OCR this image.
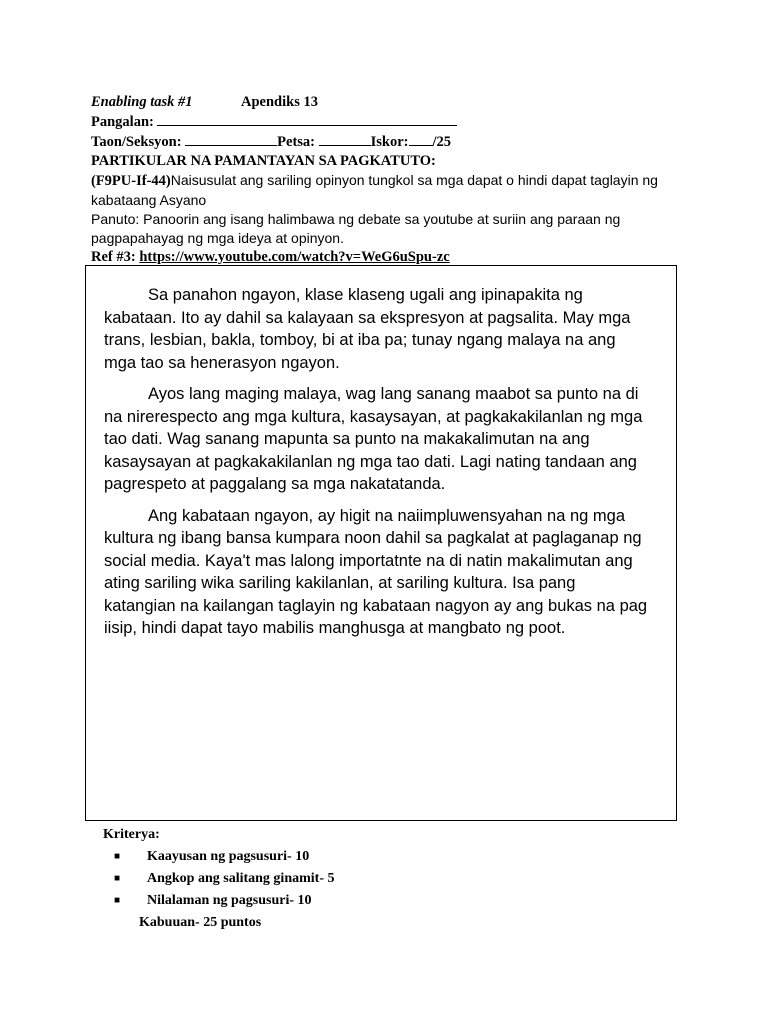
Enabling task #1	Apendiks 13
Pangalan:
Taon/Seksyon:	Petsa:	Iskor: /25
PARTIKULAR NA PAMANTAYAN SA PAGKATUTO:
(F9PU-If-44)Naisusulat ang sariling opinyon tungkol sa mga dapat o hindi dapat taglayin ng
kabataang Asyano
Panuto: Panoorin ang isang halimbawa ng debate sa youtube at suriin ang paraan ng
pagpapahayag ng mga ideya at opinyon.
Ref #3: https://www.youtube.com/watch?v=WeG6uSpu-zc

Sa panahon ngayon, klase klaseng ugali ang ipinapakita ng kabataan. Ito ay dahil sa kalayaan sa ekspresyon at pagsalita. May mga trans, lesbian, bakla, tomboy, bi at iba pa; tunay ngang malaya na ang mga tao sa henerasyon ngayon.

Ayos lang maging malaya, wag lang sanang maabot sa punto na di na nirerespecto ang mga kultura, kasaysayan, at pagkakakilanlan ng mga tao dati. Wag sanang mapunta sa punto na makakalimutan na ang kasaysayan at pagkakakilanlan ng mga tao dati. Lagi nating tandaan ang pagrespeto at paggalang sa mga nakatatanda.

Ang kabataan ngayon, ay higit na naiimpluwensyahan na ng mga kultura ng ibang bansa kumpara noon dahil sa pagkalat at paglaganap ng social media. Kaya't mas lalong importatnte na di natin makalimutan ang ating sariling wika sariling kakilanlan, at sariling kultura. Isa pang katangian na kailangan taglayin ng kabataan nagyon ay ang bukas na pag iisip, hindi dapat tayo mabilis manghusga at mangbato ng poot.

Kriterya:
■ Kaayusan ng pagsusuri- 10
■ Angkop ang salitang ginamit- 5
■ Nilalaman ng pagsusuri- 10
Kabuuan- 25 puntos
